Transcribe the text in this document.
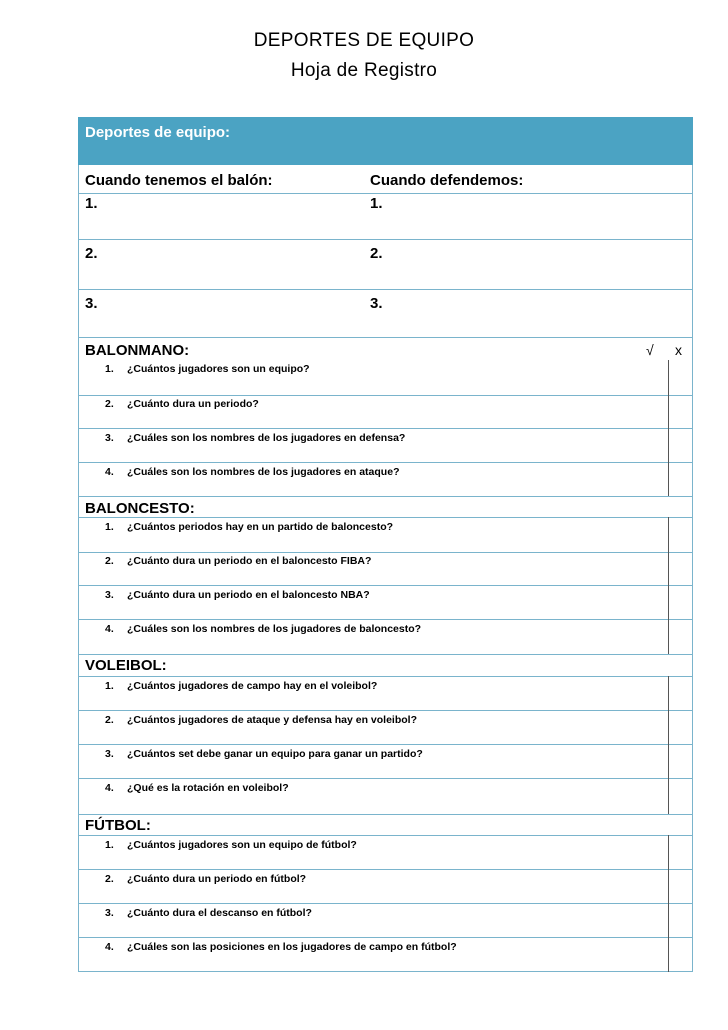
DEPORTES DE EQUIPO
Hoja de Registro
Deportes de equipo:
Cuando tenemos el balón:	Cuando defendemos:
1.	1.
2.	2.
3.	3.
√ x
BALONMANO:
1. ¿Cuántos jugadores son un equipo?
2. ¿Cuánto dura un periodo?
3. ¿Cuáles son los nombres de los jugadores en defensa?
4. ¿Cuáles son los nombres de los jugadores en ataque?
BALONCESTO:
1. ¿Cuántos periodos hay en un partido de baloncesto?
2. ¿Cuánto dura un periodo en el baloncesto FIBA?
3. ¿Cuánto dura un periodo en el baloncesto NBA?
4. ¿Cuáles son los nombres de los jugadores de baloncesto?
VOLEIBOL:
1. ¿Cuántos jugadores de campo hay en el voleibol?
2. ¿Cuántos jugadores de ataque y defensa hay en voleibol?
3. ¿Cuántos set debe ganar un equipo para ganar un partido?
4. ¿Qué es la rotación en voleibol?
FÚTBOL:
1. ¿Cuántos jugadores son un equipo de fútbol?
2. ¿Cuánto dura un periodo en fútbol?
3. ¿Cuánto dura el descanso en fútbol?
4. ¿Cuáles son las posiciones en los jugadores de campo en fútbol?
